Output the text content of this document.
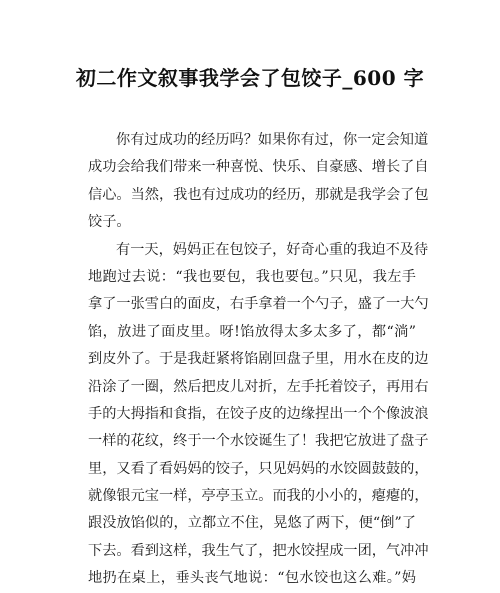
初二作文叙事我学会了包饺子_600 字
你有过成功的经历吗？如果你有过，你一定会知道
成功会给我们带来一种喜悦、快乐、自豪感、增长了自
信心。当然，我也有过成功的经历，那就是我学会了包
饺子。
有一天，妈妈正在包饺子，好奇心重的我迫不及待
地跑过去说：“我也要包，我也要包。”只见，我左手
拿了一张雪白的面皮，右手拿着一个勺子，盛了一大勺
馅，放进了面皮里。呀!馅放得太多太多了，都“淌”
到皮外了。于是我赶紧将馅剧回盘子里，用水在皮的边
沿涂了一圈，然后把皮儿对折，左手托着饺子，再用右
手的大拇指和食指，在饺子皮的边缘捏出一个个像波浪
一样的花纹，终于一个水饺诞生了！我把它放进了盘子
里，又看了看妈妈的饺子，只见妈妈的水饺圆鼓鼓的，
就像银元宝一样，亭亭玉立。而我的小小的，瘪瘪的，
跟没放馅似的，立都立不住，晃悠了两下，便“倒”了
下去。看到这样，我生气了，把水饺捏成一团，气冲冲
地扔在桌上，垂头丧气地说：“包水饺也这么难。”妈
